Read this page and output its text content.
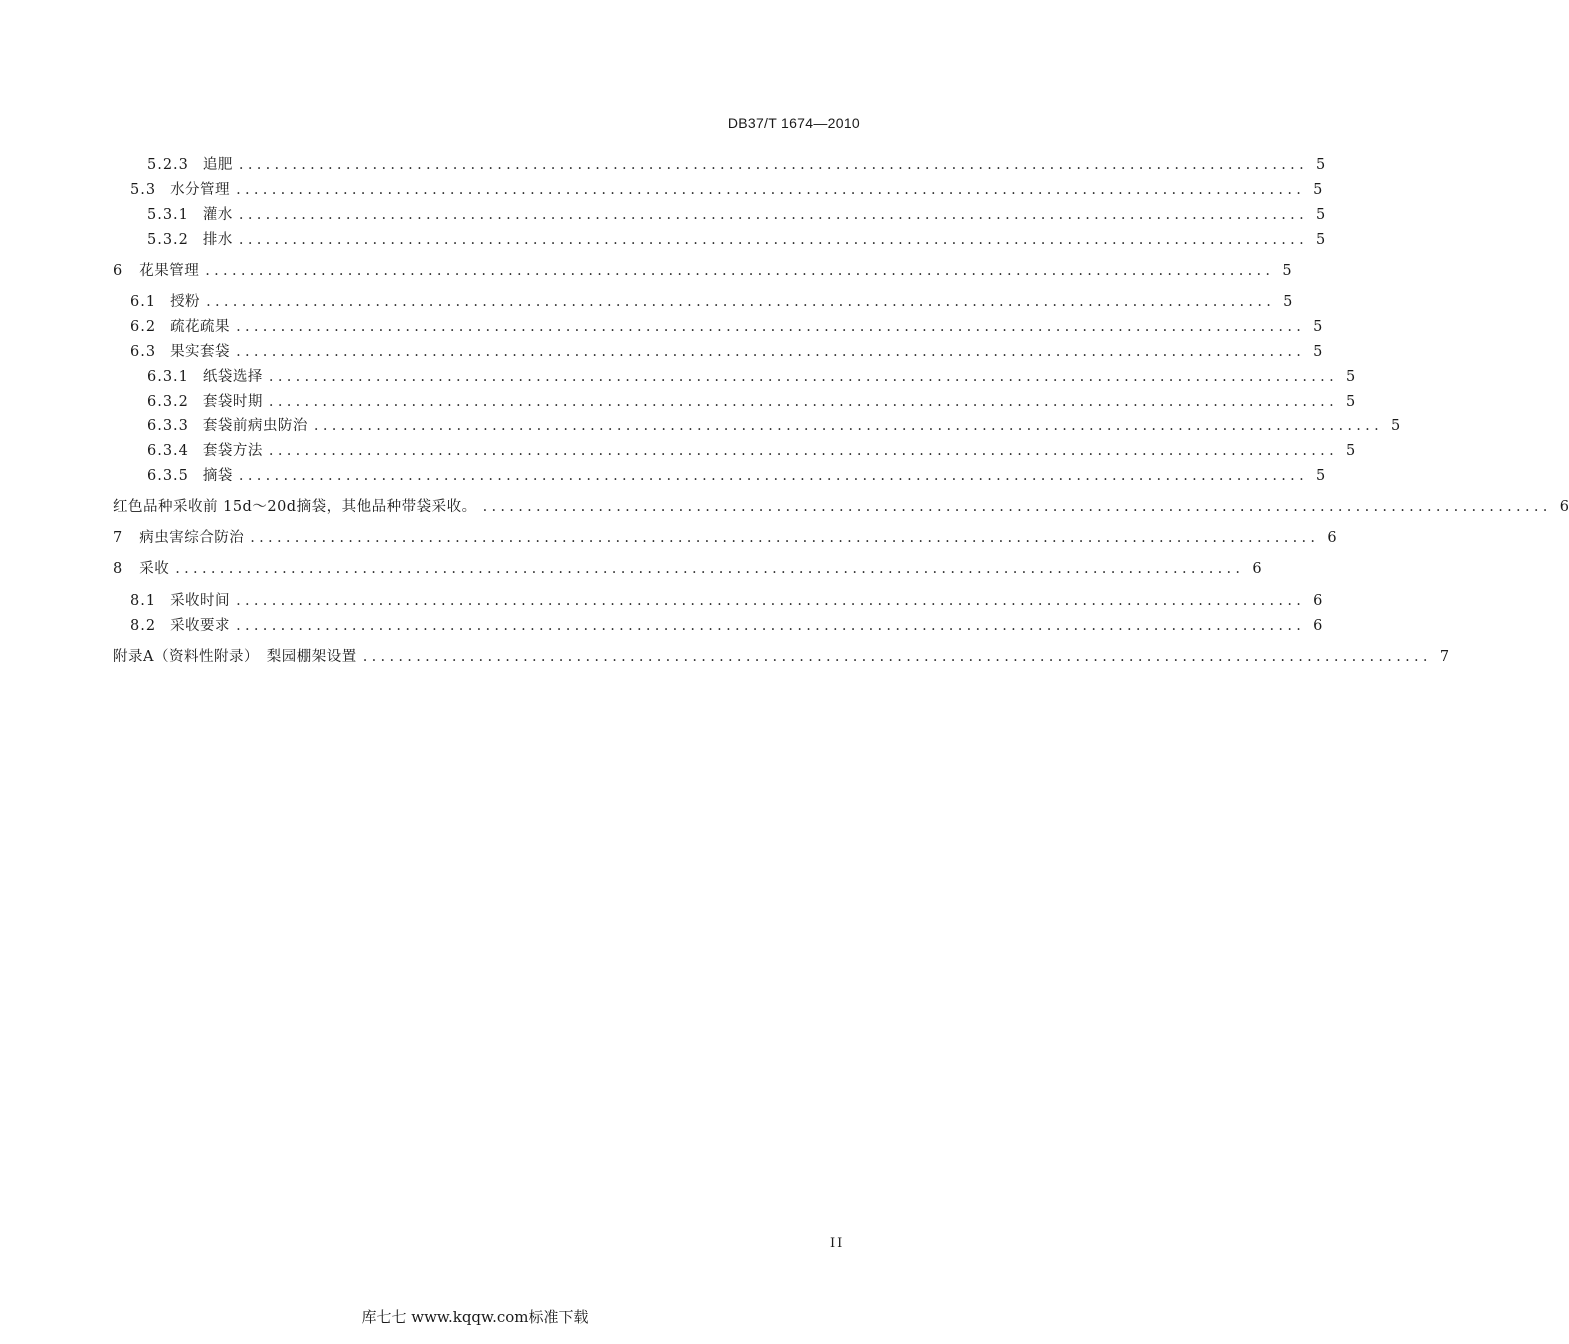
DB37/T 1674—2010
5.2.3 追肥 ........................................................................................................................ 5
5.3 水分管理 ........................................................................................................................ 5
5.3.1 灌水 ........................................................................................................................ 5
5.3.2 排水 ........................................................................................................................ 5
6	花果管理 ........................................................................................................................ 5
6.1 授粉 ........................................................................................................................ 5
6.2 疏花疏果 ........................................................................................................................ 5
6.3 果实套袋 ........................................................................................................................ 5
6.3.1 纸袋选择 ........................................................................................................................ 5
6.3.2 套袋时期 ........................................................................................................................ 5
6.3.3 套袋前病虫防治 ........................................................................................................................ 5
6.3.4 套袋方法 ........................................................................................................................ 5
6.3.5 摘袋 ........................................................................................................................ 5
红色品种采收前 15d～20d摘袋，其他品种带袋采收。 ........................................................................................................................ 6
7	病虫害综合防治 ........................................................................................................................ 6
8	采收 ........................................................................................................................ 6
8.1 采收时间 ........................................................................................................................ 6
8.2 采收要求 ........................................................................................................................ 6
附录A（资料性附录）　梨园棚架设置 ........................................................................................................................ 7
II
库七七 www.kqqw.com标准下载
